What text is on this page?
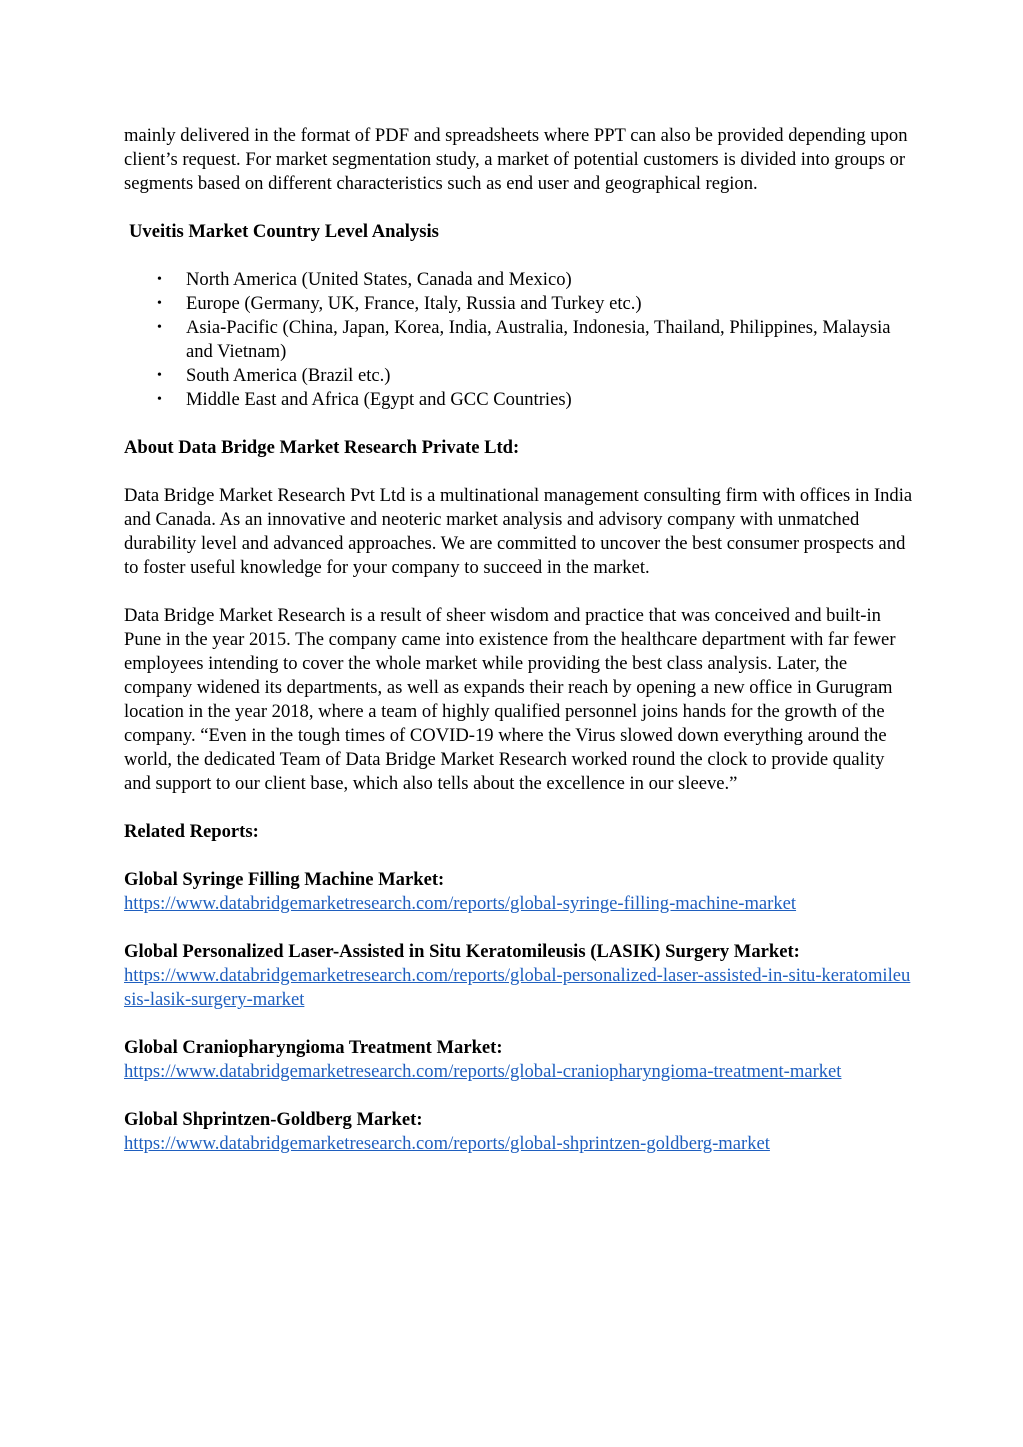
mainly delivered in the format of PDF and spreadsheets where PPT can also be provided depending upon client’s request. For market segmentation study, a market of potential customers is divided into groups or segments based on different characteristics such as end user and geographical region.

Uveitis Market Country Level Analysis

• North America (United States, Canada and Mexico)
• Europe (Germany, UK, France, Italy, Russia and Turkey etc.)
• Asia-Pacific (China, Japan, Korea, India, Australia, Indonesia, Thailand, Philippines, Malaysia and Vietnam)
• South America (Brazil etc.)
• Middle East and Africa (Egypt and GCC Countries)

About Data Bridge Market Research Private Ltd:

Data Bridge Market Research Pvt Ltd is a multinational management consulting firm with offices in India and Canada. As an innovative and neoteric market analysis and advisory company with unmatched durability level and advanced approaches. We are committed to uncover the best consumer prospects and to foster useful knowledge for your company to succeed in the market.

Data Bridge Market Research is a result of sheer wisdom and practice that was conceived and built-in Pune in the year 2015. The company came into existence from the healthcare department with far fewer employees intending to cover the whole market while providing the best class analysis. Later, the company widened its departments, as well as expands their reach by opening a new office in Gurugram location in the year 2018, where a team of highly qualified personnel joins hands for the growth of the company. “Even in the tough times of COVID-19 where the Virus slowed down everything around the world, the dedicated Team of Data Bridge Market Research worked round the clock to provide quality and support to our client base, which also tells about the excellence in our sleeve.”

Related Reports:

Global Syringe Filling Machine Market:

https://www.databridgemarketresearch.com/reports/global-syringe-filling-machine-market

Global Personalized Laser-Assisted in Situ Keratomileusis (LASIK) Surgery Market:

https://www.databridgemarketresearch.com/reports/global-personalized-laser-assisted-in-situ-keratomileusis-lasik-surgery-market

Global Craniopharyngioma Treatment Market:

https://www.databridgemarketresearch.com/reports/global-craniopharyngioma-treatment-market

Global Shprintzen-Goldberg Market:

https://www.databridgemarketresearch.com/reports/global-shprintzen-goldberg-market
